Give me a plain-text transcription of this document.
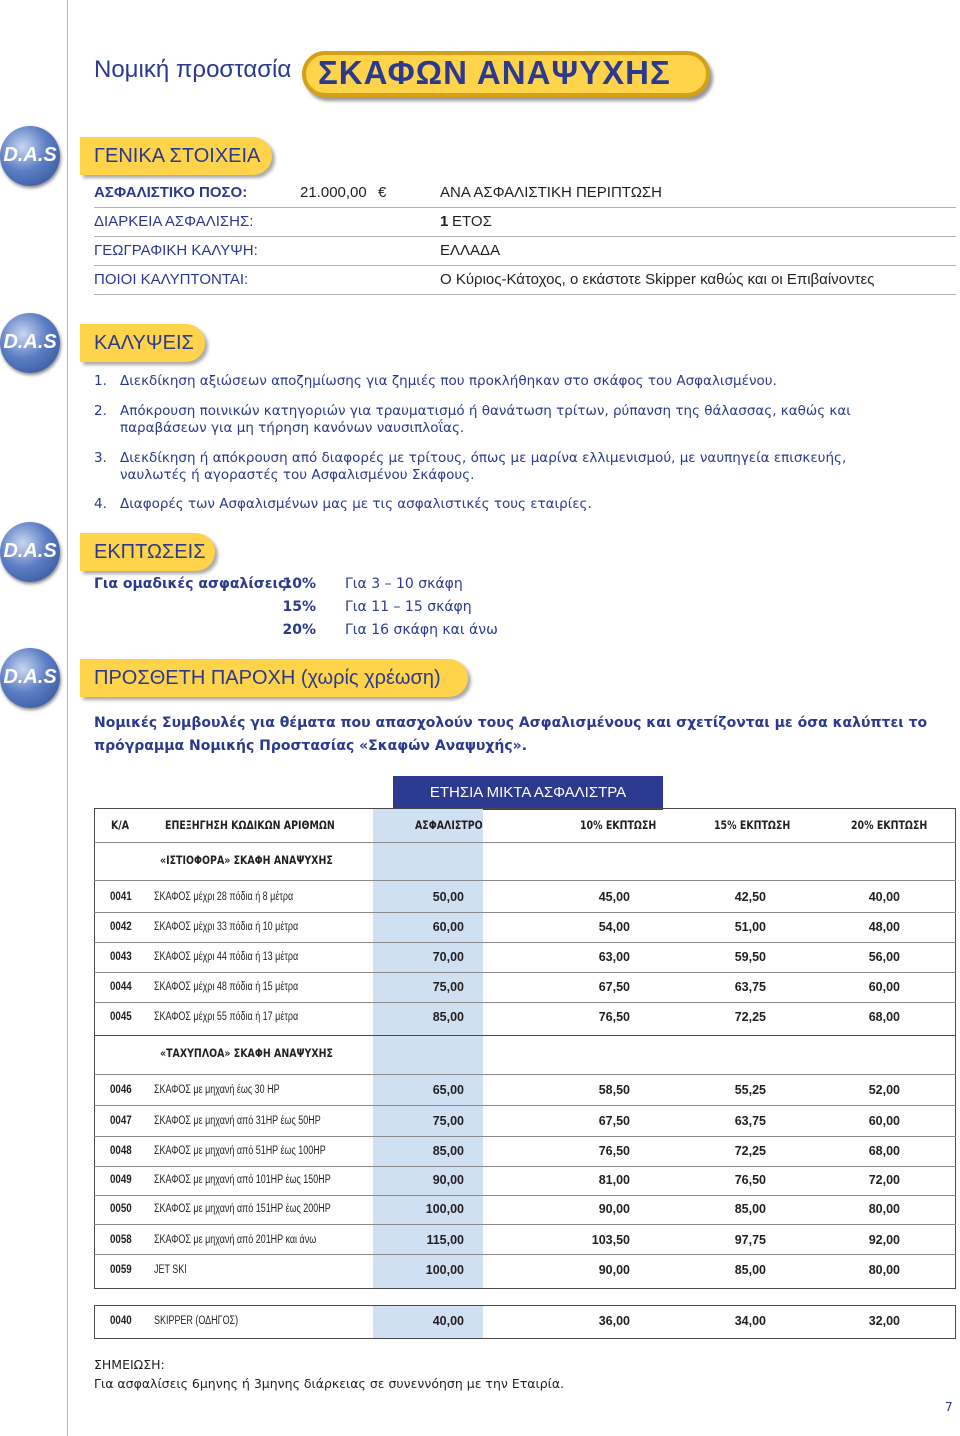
Νομική προστασία ΣΚΑΦΩΝ ΑΝΑΨΥΧΗΣ
D.A.S ΓΕΝΙΚΑ ΣΤΟΙΧΕΙΑ
ΑΣΦΑΛΙΣΤΙΚΟ ΠΟΣΟ:	21.000,00 €	ΑΝΑ ΑΣΦΑΛΙΣΤΙΚΗ ΠΕΡΙΠΤΩΣΗ
ΔΙΑΡΚΕΙΑ ΑΣΦΑΛΙΣΗΣ:	1 ΕΤΟΣ
ΓΕΩΓΡΑΦΙΚΗ ΚΑΛΥΨΗ:	ΕΛΛΑΔΑ
ΠΟΙΟΙ ΚΑΛΥΠΤΟΝΤΑΙ:	Ο Κύριος-Κάτοχος, ο εκάστοτε Skipper καθώς και οι Επιβαίνοντες
D.A.S ΚΑΛΥΨΕΙΣ
1. Διεκδίκηση αξιώσεων αποζημίωσης για ζημιές που προκλήθηκαν στο σκάφος του Ασφαλισμένου.
2. Απόκρουση ποινικών κατηγοριών για τραυματισμό ή θανάτωση τρίτων, ρύπανση της θάλασσας, καθώς και παραβάσεων για μη τήρηση κανόνων ναυσιπλοΐας.
3. Διεκδίκηση ή απόκρουση από διαφορές με τρίτους, όπως με μαρίνα ελλιμενισμού, με ναυπηγεία επισκευής, ναυλωτές ή αγοραστές του Ασφαλισμένου Σκάφους.
4. Διαφορές των Ασφαλισμένων μας με τις ασφαλιστικές τους εταιρίες.
D.A.S ΕΚΠΤΩΣΕΙΣ
Για ομαδικές ασφαλίσεις:
10% Για 3 – 10 σκάφη
15% Για 11 – 15 σκάφη
20% Για 16 σκάφη και άνω
D.A.S ΠΡΟΣΘΕΤΗ ΠΑΡΟΧΗ (χωρίς χρέωση)
Νομικές Συμβουλές για θέματα που απασχολούν τους Ασφαλισμένους και σχετίζονται με όσα καλύπτει το πρόγραμμα Νομικής Προστασίας «Σκαφών Αναψυχής».
ΕΤΗΣΙΑ ΜΙΚΤΑ ΑΣΦΑΛΙΣΤΡΑ
Κ/Α	ΕΠΕΞΗΓΗΣΗ ΚΩΔΙΚΩΝ ΑΡΙΘΜΩΝ	ΑΣΦΑΛΙΣΤΡΟ	10% ΕΚΠΤΩΣΗ	15% ΕΚΠΤΩΣΗ	20% ΕΚΠΤΩΣΗ
«ΙΣΤΙΟΦΟΡΑ» ΣΚΑΦΗ ΑΝΑΨΥΧΗΣ
0041 ΣΚΑΦΟΣ μέχρι 28 πόδια ή 8 μέτρα	50,00	45,00	42,50	40,00
0042 ΣΚΑΦΟΣ μέχρι 33 πόδια ή 10 μέτρα	60,00	54,00	51,00	48,00
0043 ΣΚΑΦΟΣ μέχρι 44 πόδια ή 13 μέτρα	70,00	63,00	59,50	56,00
0044 ΣΚΑΦΟΣ μέχρι 48 πόδια ή 15 μέτρα	75,00	67,50	63,75	60,00
0045 ΣΚΑΦΟΣ μέχρι 55 πόδια ή 17 μέτρα	85,00	76,50	72,25	68,00
«ΤΑΧΥΠΛΟΑ» ΣΚΑΦΗ ΑΝΑΨΥΧΗΣ
0046 ΣΚΑΦΟΣ με μηχανή έως 30 HP	65,00	58,50	55,25	52,00
0047 ΣΚΑΦΟΣ με μηχανή από 31HP έως 50HP	75,00	67,50	63,75	60,00
0048 ΣΚΑΦΟΣ με μηχανή από 51HP έως 100HP	85,00	76,50	72,25	68,00
0049 ΣΚΑΦΟΣ με μηχανή από 101HP έως 150HP	90,00	81,00	76,50	72,00
0050 ΣΚΑΦΟΣ με μηχανή από 151HP έως 200HP	100,00	90,00	85,00	80,00
0058 ΣΚΑΦΟΣ με μηχανή από 201HP και άνω	115,00	103,50	97,75	92,00
0059 JET SKI	100,00	90,00	85,00	80,00
0040 SKIPPER (ΟΔΗΓΟΣ)	40,00	36,00	34,00	32,00
ΣΗΜΕΙΩΣΗ:
Για ασφαλίσεις 6μηνης ή 3μηνης διάρκειας σε συνεννόηση με την Εταιρία.
7
